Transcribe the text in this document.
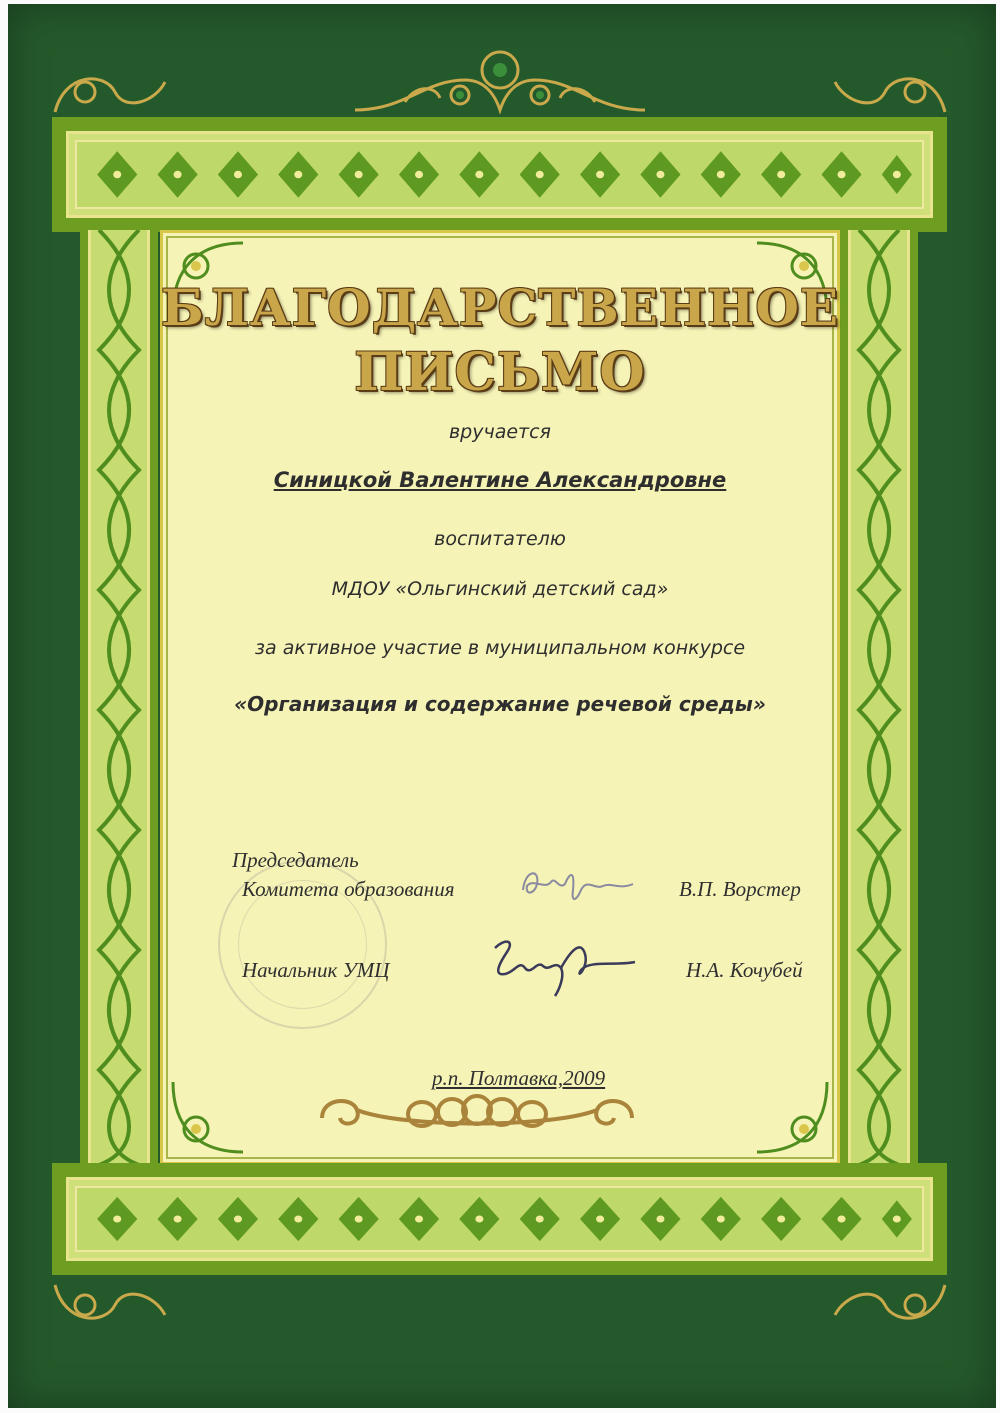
БЛАГОДАРСТВЕННОЕ
ПИСЬМО
вручается
Синицкой Валентине Александровне
воспитателю
МДОУ «Ольгинский детский сад»
за активное участие в муниципальном конкурсе
«Организация и содержание речевой среды»
Председатель
Комитета образования	В.П. Ворстер
Начальник УМЦ	Н.А. Кочубей
р.п. Полтавка,2009
